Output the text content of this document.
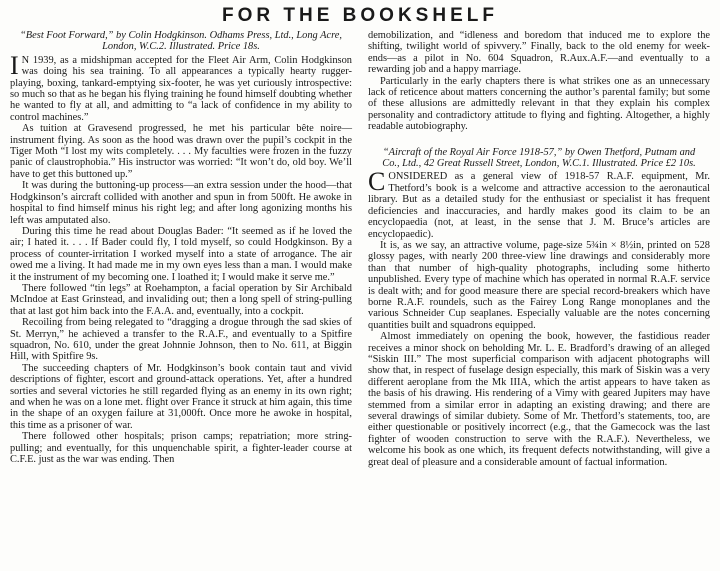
FOR THE BOOKSHELF
“Best Foot Forward,” by Colin Hodgkinson. Odhams Press, Ltd., Long Acre, London, W.C.2. Illustrated. Price 18s.

IN 1939, as a midshipman accepted for the Fleet Air Arm, Colin Hodgkinson was doing his sea training. To all appearances a typically hearty rugger-playing, boxing, tankard-emptying six-footer, he was yet curiously introspective: so much so that as he began his flying training he found himself doubting whether he wanted to fly at all, and admitting to “a lack of confidence in my ability to control machines.”

As tuition at Gravesend progressed, he met his particular bête noire—instrument flying. As soon as the hood was drawn over the pupil’s cockpit in the Tiger Moth “I lost my wits completely. . . . My faculties were frozen in the fuzzy panic of claustrophobia.” His instructor was worried: “It won’t do, old boy. We’ll have to get this buttoned up.”

It was during the buttoning-up process—an extra session under the hood—that Hodgkinson’s aircraft collided with another and spun in from 500ft. He awoke in hospital to find himself minus his right leg; and after long agonizing months his left was amputated also.

During this time he read about Douglas Bader: “It seemed as if he loved the air; I hated it. . . . If Bader could fly, I told myself, so could Hodgkinson. By a process of counter-irritation I worked myself into a state of arrogance. The air owed me a living. It had made me in my own eyes less than a man. I would make it the instrument of my becoming one. I loathed it; I would make it serve me.”

There followed “tin legs” at Roehampton, a facial operation by Sir Archibald McIndoe at East Grinstead, and invaliding out; then a long spell of string-pulling that at last got him back into the F.A.A. and, eventually, into a cockpit.

Recoiling from being relegated to “dragging a drogue through the sad skies of St. Merryn,” he achieved a transfer to the R.A.F., and eventually to a Spitfire squadron, No. 610, under the great Johnnie Johnson, then to No. 611, at Biggin Hill, with Spitfire 9s.

The succeeding chapters of Mr. Hodgkinson’s book contain taut and vivid descriptions of fighter, escort and ground-attack operations. Yet, after a hundred sorties and several victories he still regarded flying as an enemy in its own right; and when he was on a lone met. flight over France it struck at him again, this time in the shape of an oxygen failure at 31,000ft. Once more he awoke in hospital, this time as a prisoner of war.

There followed other hospitals; prison camps; repatriation; more string-pulling; and eventually, for this unquenchable spirit, a fighter-leader course at C.F.E. just as the war was ending. Then

demobilization, and “idleness and boredom that induced me to explore the shifting, twilight world of spivvery.” Finally, back to the old enemy for week-ends—as a pilot in No. 604 Squadron, R.Aux.A.F.—and eventually to a rewarding job and a happy marriage.

Particularly in the early chapters there is what strikes one as an unnecessary lack of reticence about matters concerning the author’s parental family; but some of these allusions are admittedly relevant in that they explain his complex personality and contradictory attitude to flying and fighting. Altogether, a highly readable autobiography.

“Aircraft of the Royal Air Force 1918-57,” by Owen Thetford, Putnam and Co., Ltd., 42 Great Russell Street, London, W.C.1. Illustrated. Price £2 10s.

CONSIDERED as a general view of 1918-57 R.A.F. equipment, Mr. Thetford’s book is a welcome and attractive accession to the aeronautical library. But as a detailed study for the enthusiast or specialist it has frequent deficiencies and inaccuracies, and hardly makes good its claim to be an encyclopaedia (not, at least, in the sense that J. M. Bruce’s articles are encyclopaedic).

It is, as we say, an attractive volume, page-size 5¾in × 8½in, printed on 528 glossy pages, with nearly 200 three-view line drawings and considerably more than that number of high-quality photographs, including some hitherto unpublished. Every type of machine which has operated in normal R.A.F. service is dealt with; and for good measure there are special record-breakers which have borne R.A.F. roundels, such as the Fairey Long Range monoplanes and the various Schneider Cup seaplanes. Especially valuable are the notes concerning quantities built and squadrons equipped.

Almost immediately on opening the book, however, the fastidious reader receives a minor shock on beholding Mr. L. E. Bradford’s drawing of an alleged “Siskin III.” The most superficial comparison with adjacent photographs will show that, in respect of fuselage design especially, this mark of Siskin was a very different aeroplane from the Mk IIIA, which the artist appears to have taken as the basis of his drawing. His rendering of a Vimy with geared Jupiters may have stemmed from a similar error in adapting an existing drawing; and there are several drawings of similar dubiety. Some of Mr. Thetford’s statements, too, are either questionable or positively incorrect (e.g., that the Gamecock was the last fighter of wooden construction to serve with the R.A.F.). Nevertheless, we welcome his book as one which, its frequent defects notwithstanding, will give a great deal of pleasure and a considerable amount of factual information.
